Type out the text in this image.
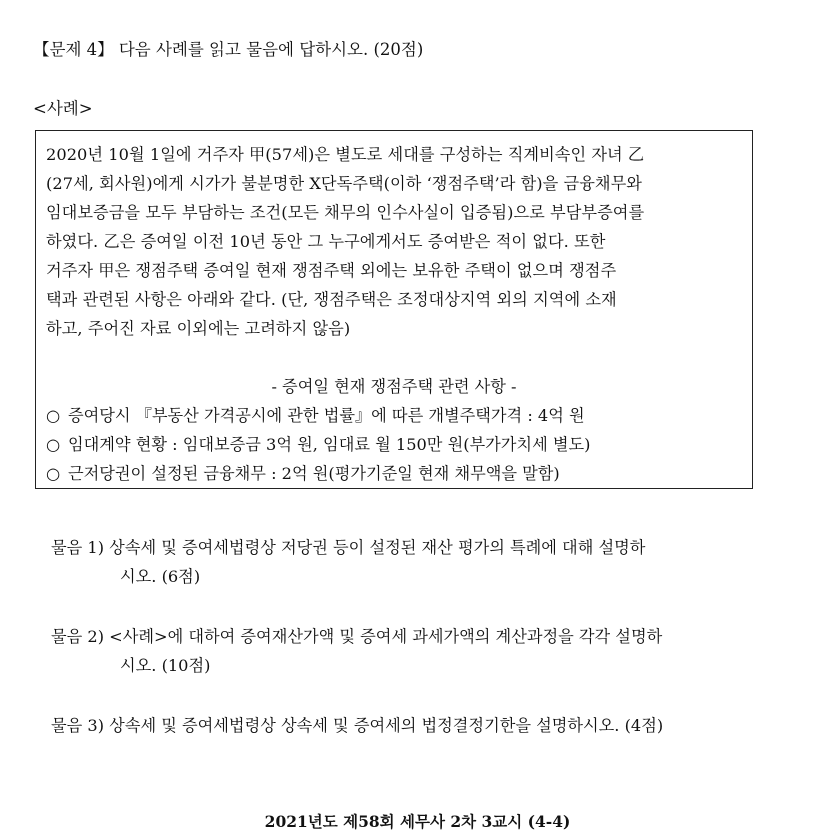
【문제 4】 다음 사례를 읽고 물음에 답하시오. (20점)
<사례>
2020년 10월 1일에 거주자 甲(57세)은 별도로 세대를 구성하는 직계비속인 자녀 乙
(27세, 회사원)에게 시가가 불분명한 X단독주택(이하 ‘쟁점주택’라 함)을 금융채무와
임대보증금을 모두 부담하는 조건(모든 채무의 인수사실이 입증됨)으로 부담부증여를
하였다. 乙은 증여일 이전 10년 동안 그 누구에게서도 증여받은 적이 없다. 또한
거주자 甲은 쟁점주택 증여일 현재 쟁점주택 외에는 보유한 주택이 없으며 쟁점주
택과 관련된 사항은 아래와 같다. (단, 쟁점주택은 조정대상지역 외의 지역에 소재
하고, 주어진 자료 이외에는 고려하지 않음)
- 증여일 현재 쟁점주택 관련 사항 -
○ 증여당시 『부동산 가격공시에 관한 법률』에 따른 개별주택가격 : 4억 원
○ 임대계약 현황 : 임대보증금 3억 원, 임대료 월 150만 원(부가가치세 별도)
○ 근저당권이 설정된 금융채무 : 2억 원(평가기준일 현재 채무액을 말함)
물음 1) 상속세 및 증여세법령상 저당권 등이 설정된 재산 평가의 특례에 대해 설명하
시오. (6점)
물음 2) <사례>에 대하여 증여재산가액 및 증여세 과세가액의 계산과정을 각각 설명하
시오. (10점)
물음 3) 상속세 및 증여세법령상 상속세 및 증여세의 법정결정기한을 설명하시오. (4점)
2021년도 제58회 세무사 2차 3교시 (4-4)
